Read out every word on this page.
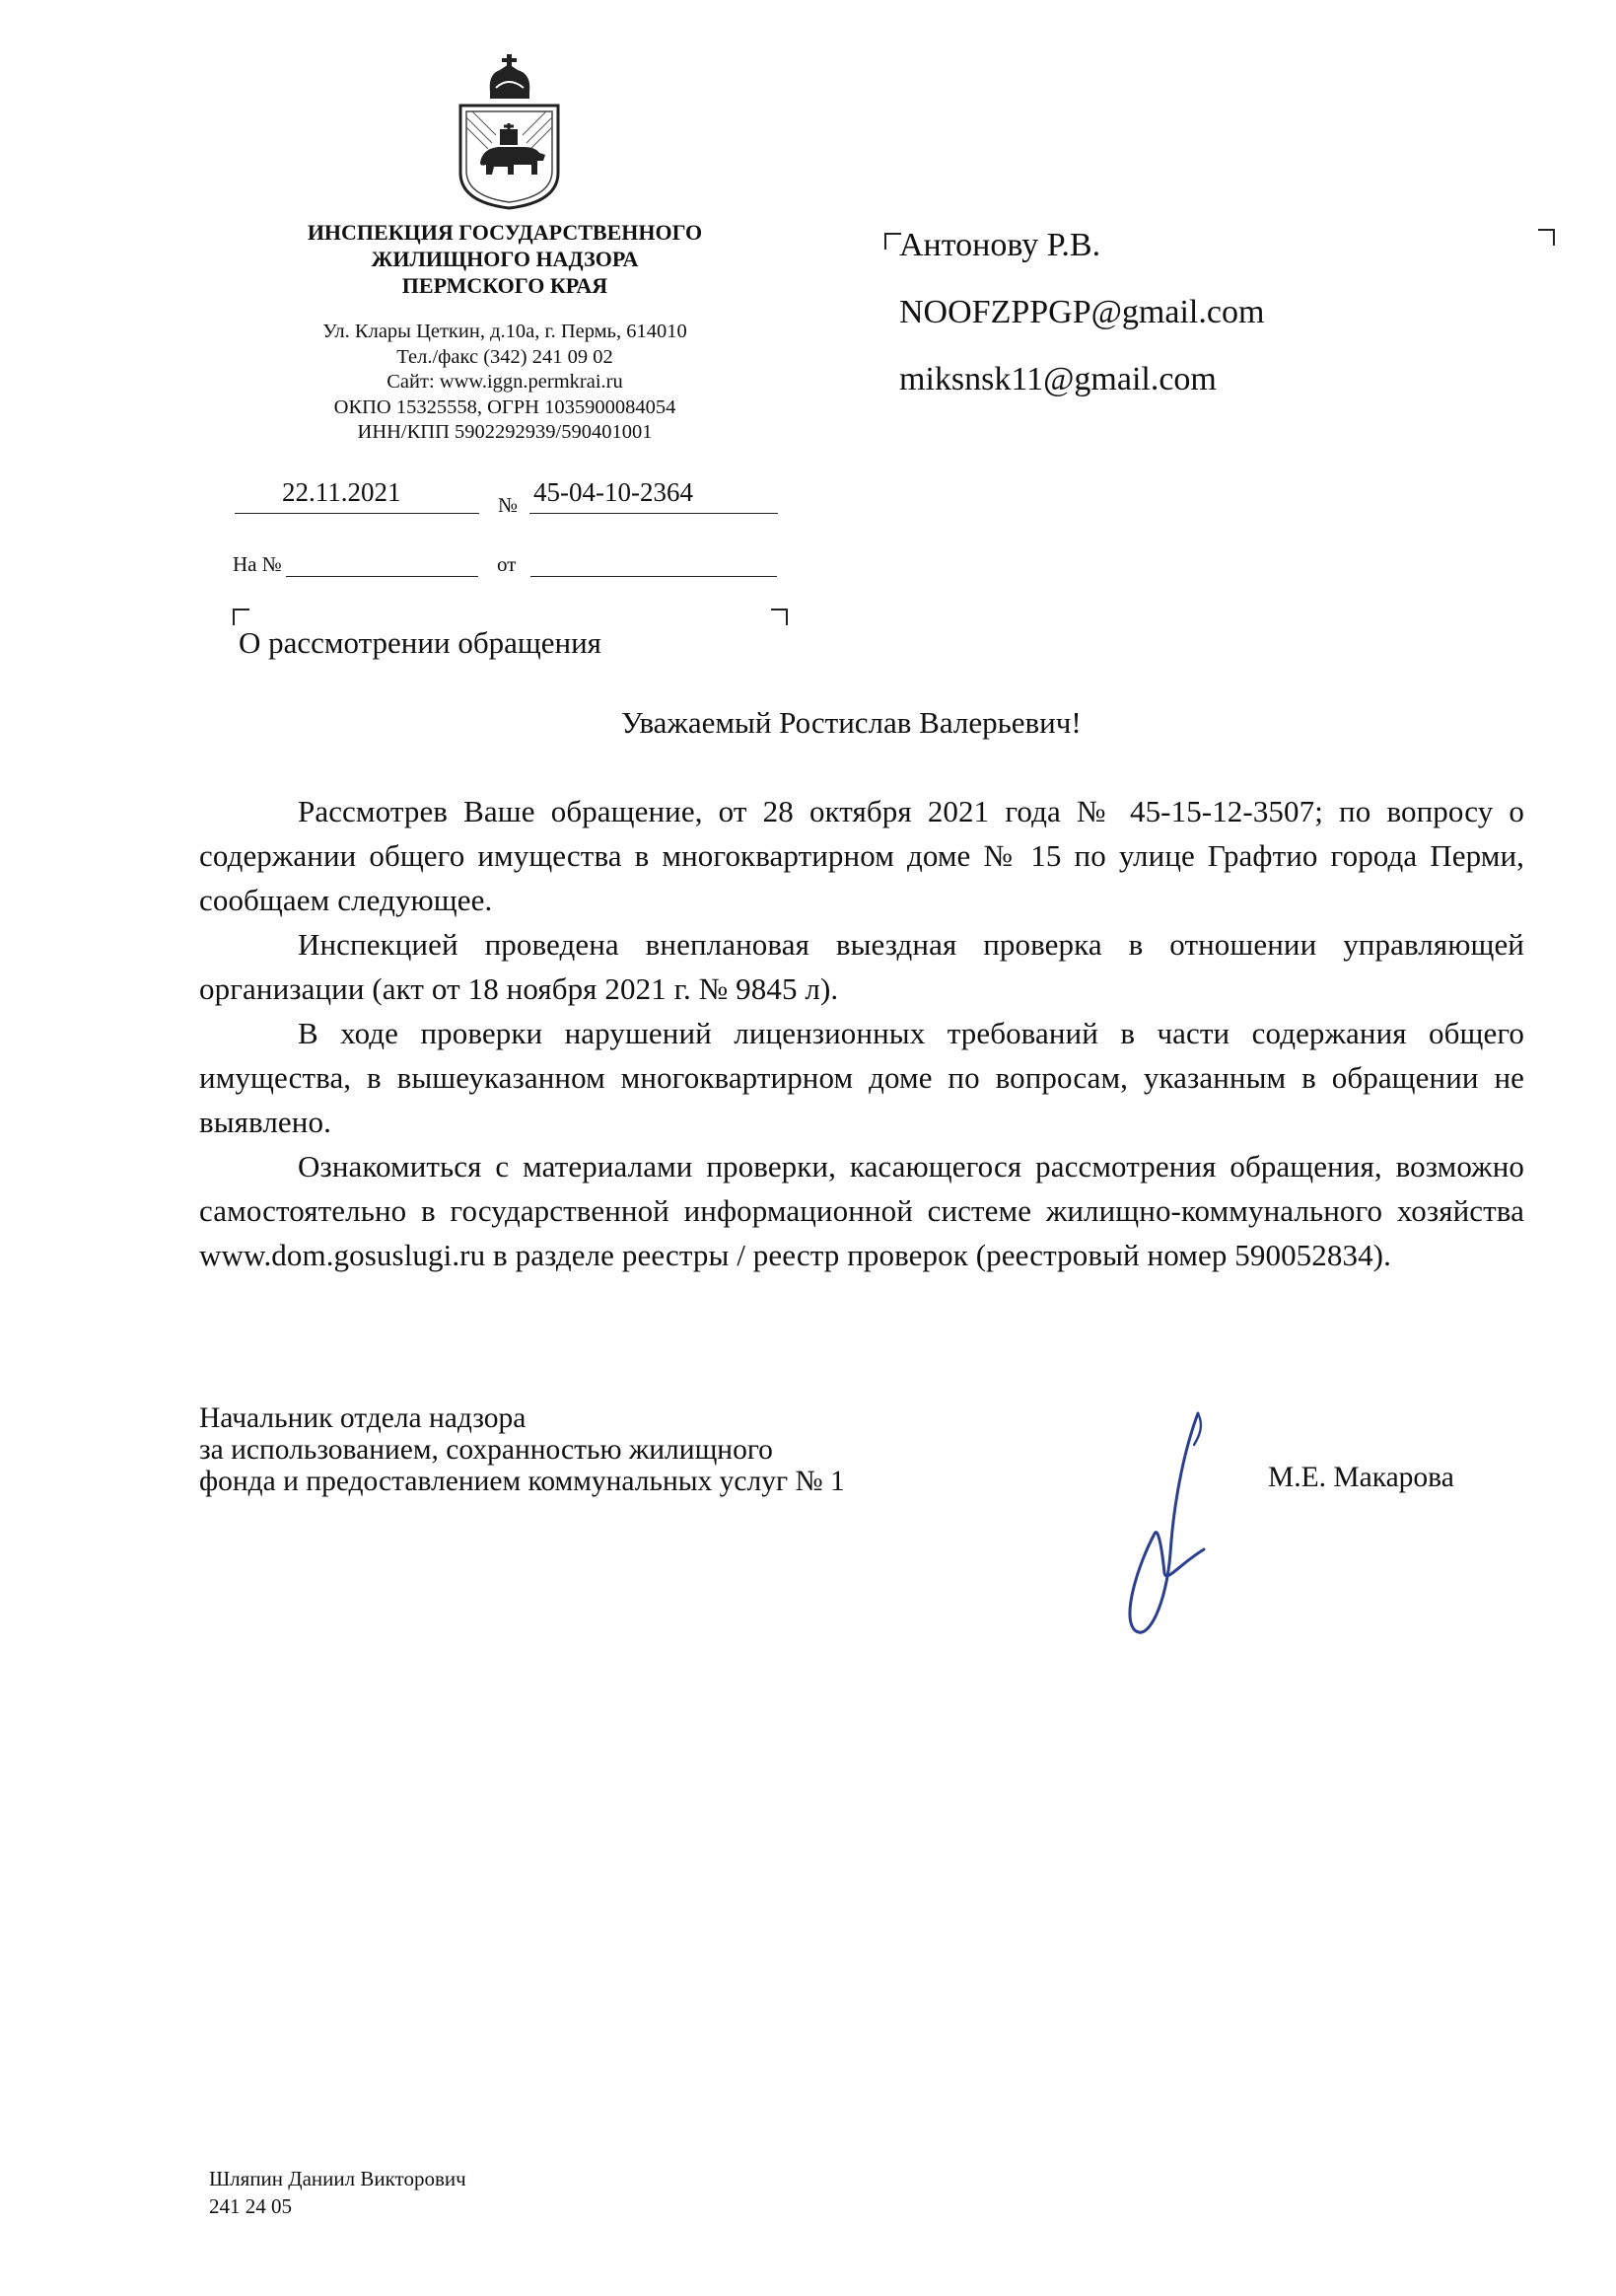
ИНСПЕКЦИЯ ГОСУДАРСТВЕННОГО
ЖИЛИЩНОГО НАДЗОРА
ПЕРМСКОГО КРАЯ
Ул. Клары Цеткин, д.10а, г. Пермь, 614010
Тел./факс (342) 241 09 02
Сайт: www.iggn.permkrai.ru
ОКПО 15325558, ОГРН 1035900084054
ИНН/КПП 5902292939/590401001
22.11.2021	№ 45-04-10-2364
На №	от
О рассмотрении обращения
Антонову Р.В.
NOOFZPPGP@gmail.com
miksnsk11@gmail.com
Уважаемый Ростислав Валерьевич!

Рассмотрев Ваше обращение, от 28 октября 2021 года № 45-15-12-3507; по вопросу о содержании общего имущества в многоквартирном доме № 15 по улице Графтио города Перми, сообщаем следующее.

Инспекцией проведена внеплановая выездная проверка в отношении управляющей организации (акт от 18 ноября 2021 г. № 9845 л).

В ходе проверки нарушений лицензионных требований в части содержания общего имущества, в вышеуказанном многоквартирном доме по вопросам, указанным в обращении не выявлено.

Ознакомиться с материалами проверки, касающегося рассмотрения обращения, возможно самостоятельно в государственной информационной системе жилищно-коммунального хозяйства www.dom.gosuslugi.ru в разделе реестры / реестр проверок (реестровый номер 590052834).

Начальник отдела надзора
за использованием, сохранностью жилищного
фонда и предоставлением коммунальных услуг № 1	М.Е. Макарова
Шляпин Даниил Викторович
241 24 05
